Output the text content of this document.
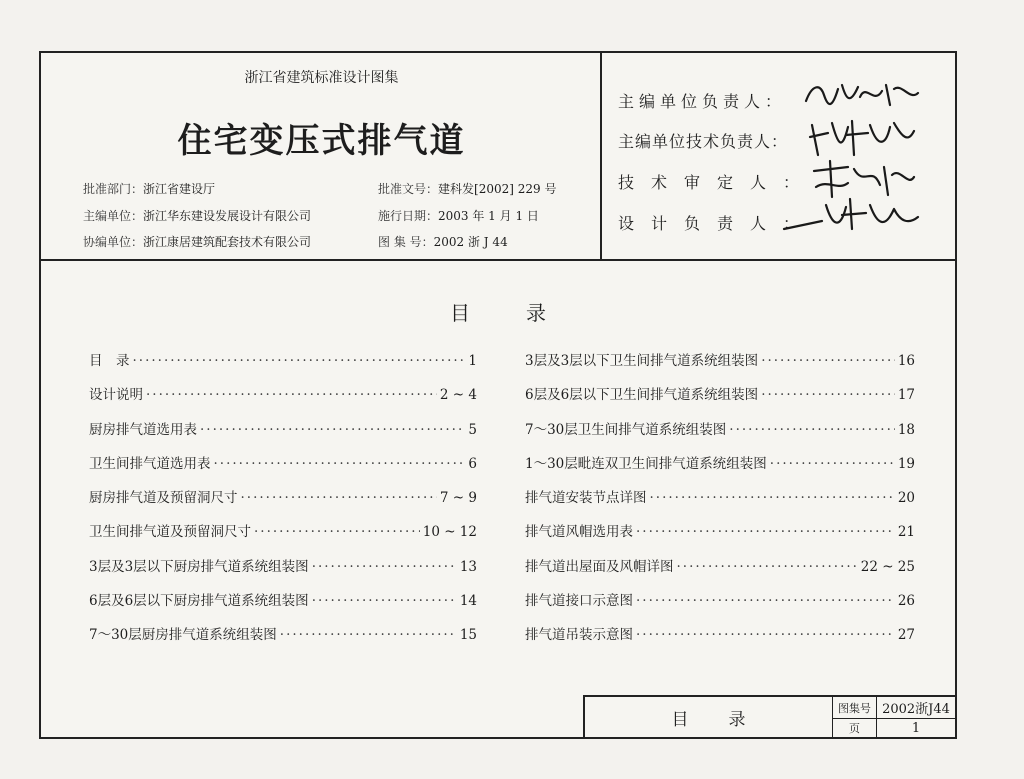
浙江省建筑标准设计图集
住宅变压式排气道
批准部门：浙江省建设厅
主编单位：浙江华东建设发展设计有限公司
协编单位：浙江康居建筑配套技术有限公司
批准文号：建科发[2002] 229 号
施行日期：2003 年 1 月 1 日
图 集 号：2002 浙 J 44
主编单位负责人：
主编单位技术负责人：
技术审定人：
设计负责人：
目录
目　录 ·····	1
设计说明 ·····	2 ~ 4
厨房排气道选用表 ·····	5
卫生间排气道选用表 ·····	6
厨房排气道及预留洞尺寸 ·····	7 ~ 9
卫生间排气道及预留洞尺寸 ·····	10 ~ 12
3层及3层以下厨房排气道系统组装图 ·····	13
6层及6层以下厨房排气道系统组装图 ·····	14
7～30层厨房排气道系统组装图 ·····	15
3层及3层以下卫生间排气道系统组装图 ·····	16
6层及6层以下卫生间排气道系统组装图 ·····	17
7～30层卫生间排气道系统组装图 ·····	18
1～30层毗连双卫生间排气道系统组装图 ·····	19
排气道安装节点详图 ·····	20
排气道风帽选用表 ·····	21
排气道出屋面及风帽详图 ·····	22 ~ 25
排气道接口示意图 ·····	26
排气道吊装示意图 ·····	27
目录
图集号 2002浙J44
页	1
